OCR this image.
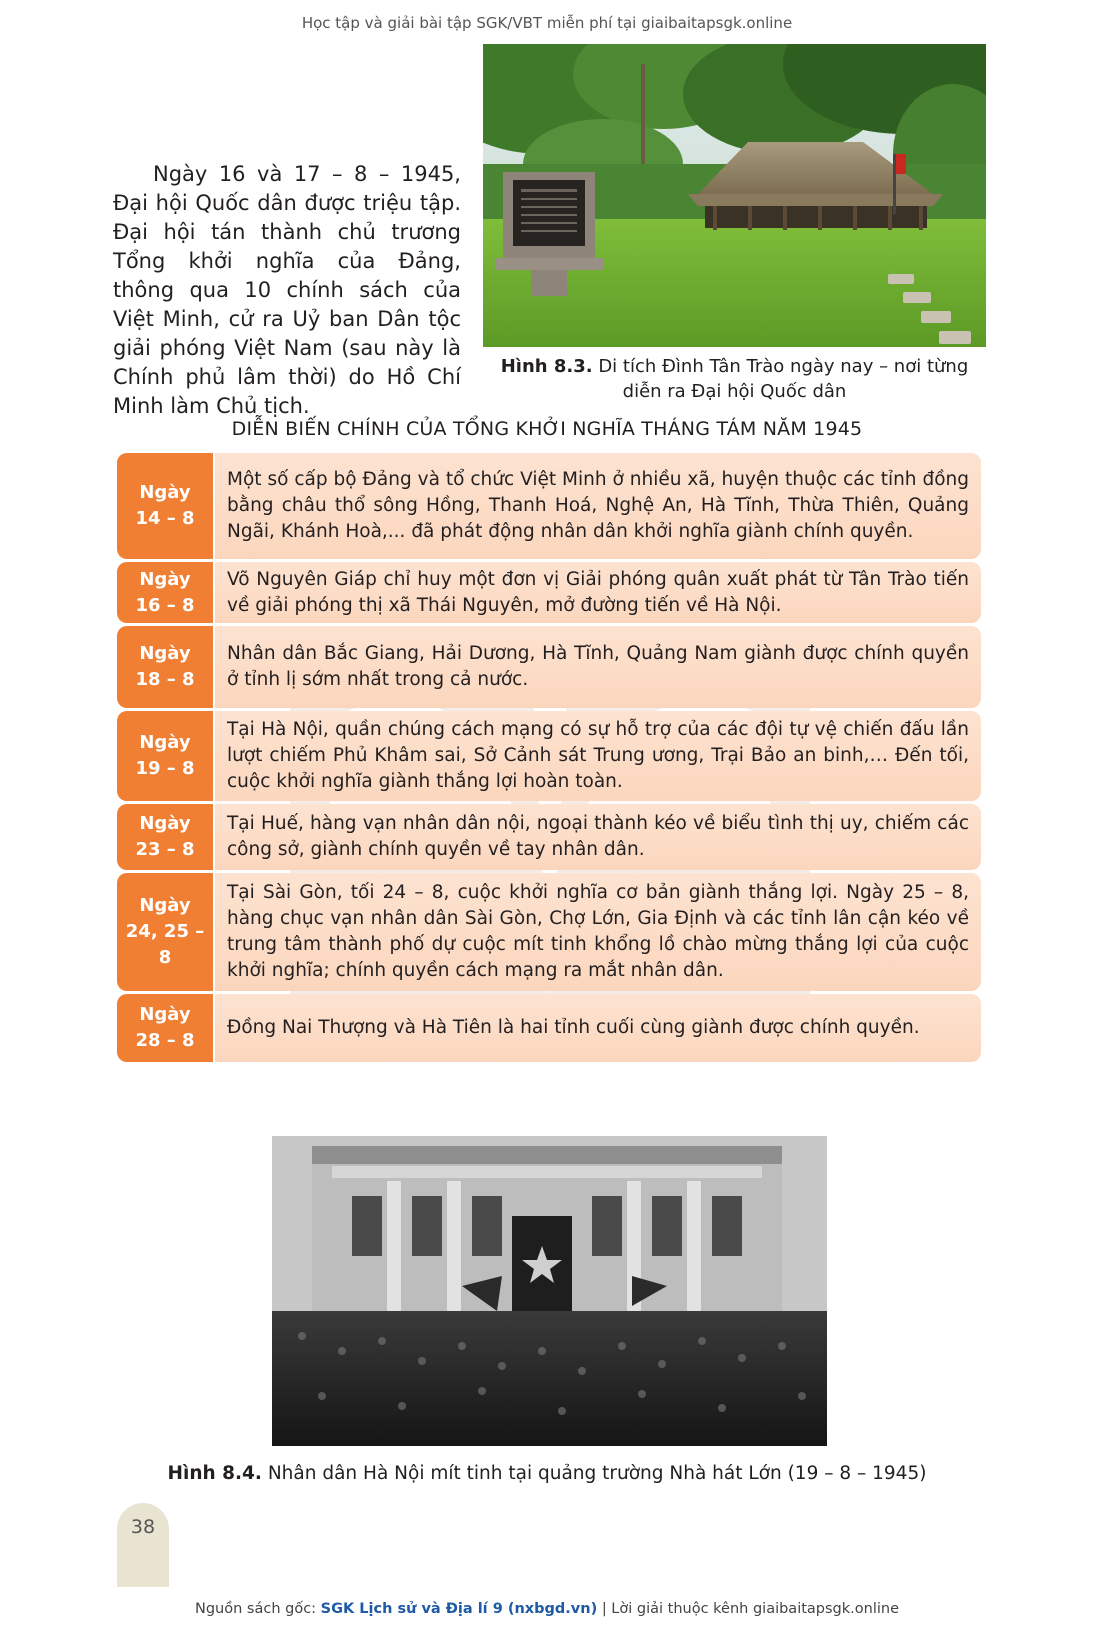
Học tập và giải bài tập SGK/VBT miễn phí tại giaibaitapsgk.online
Ngày 16 và 17 – 8 – 1945, Đại hội Quốc dân được triệu tập. Đại hội tán thành chủ trương Tổng khởi nghĩa của Đảng, thông qua 10 chính sách của Việt Minh, cử ra Uỷ ban Dân tộc giải phóng Việt Nam (sau này là Chính phủ lâm thời) do Hồ Chí Minh làm Chủ tịch.
Hình 8.3. Di tích Đình Tân Trào ngày nay – nơi từng diễn ra Đại hội Quốc dân
DIỄN BIẾN CHÍNH CỦA TỔNG KHỞI NGHĨA THÁNG TÁM NĂM 1945
Ngày
14 – 8
Một số cấp bộ Đảng và tổ chức Việt Minh ở nhiều xã, huyện thuộc các tỉnh đồng bằng châu thổ sông Hồng, Thanh Hoá, Nghệ An, Hà Tĩnh, Thừa Thiên, Quảng Ngãi, Khánh Hoà,... đã phát động nhân dân khởi nghĩa giành chính quyền.
Ngày
16 – 8
Võ Nguyên Giáp chỉ huy một đơn vị Giải phóng quân xuất phát từ Tân Trào tiến về giải phóng thị xã Thái Nguyên, mở đường tiến về Hà Nội.
Ngày
18 – 8
Nhân dân Bắc Giang, Hải Dương, Hà Tĩnh, Quảng Nam giành được chính quyền ở tỉnh lị sớm nhất trong cả nước.
Ngày
19 – 8
Tại Hà Nội, quần chúng cách mạng có sự hỗ trợ của các đội tự vệ chiến đấu lần lượt chiếm Phủ Khâm sai, Sở Cảnh sát Trung ương, Trại Bảo an binh,… Đến tối, cuộc khởi nghĩa giành thắng lợi hoàn toàn.
Ngày
23 – 8
Tại Huế, hàng vạn nhân dân nội, ngoại thành kéo về biểu tình thị uy, chiếm các công sở, giành chính quyền về tay nhân dân.
Ngày
24, 25 – 8
Tại Sài Gòn, tối 24 – 8, cuộc khởi nghĩa cơ bản giành thắng lợi. Ngày 25 – 8, hàng chục vạn nhân dân Sài Gòn, Chợ Lớn, Gia Định và các tỉnh lân cận kéo về trung tâm thành phố dự cuộc mít tinh khổng lồ chào mừng thắng lợi của cuộc khởi nghĩa; chính quyền cách mạng ra mắt nhân dân.
Ngày
28 – 8
Đồng Nai Thượng và Hà Tiên là hai tỉnh cuối cùng giành được chính quyền.
Hình 8.4. Nhân dân Hà Nội mít tinh tại quảng trường Nhà hát Lớn (19 – 8 – 1945)
38
Nguồn sách gốc: SGK Lịch sử và Địa lí 9 (nxbgd.vn) | Lời giải thuộc kênh giaibaitapsgk.online
